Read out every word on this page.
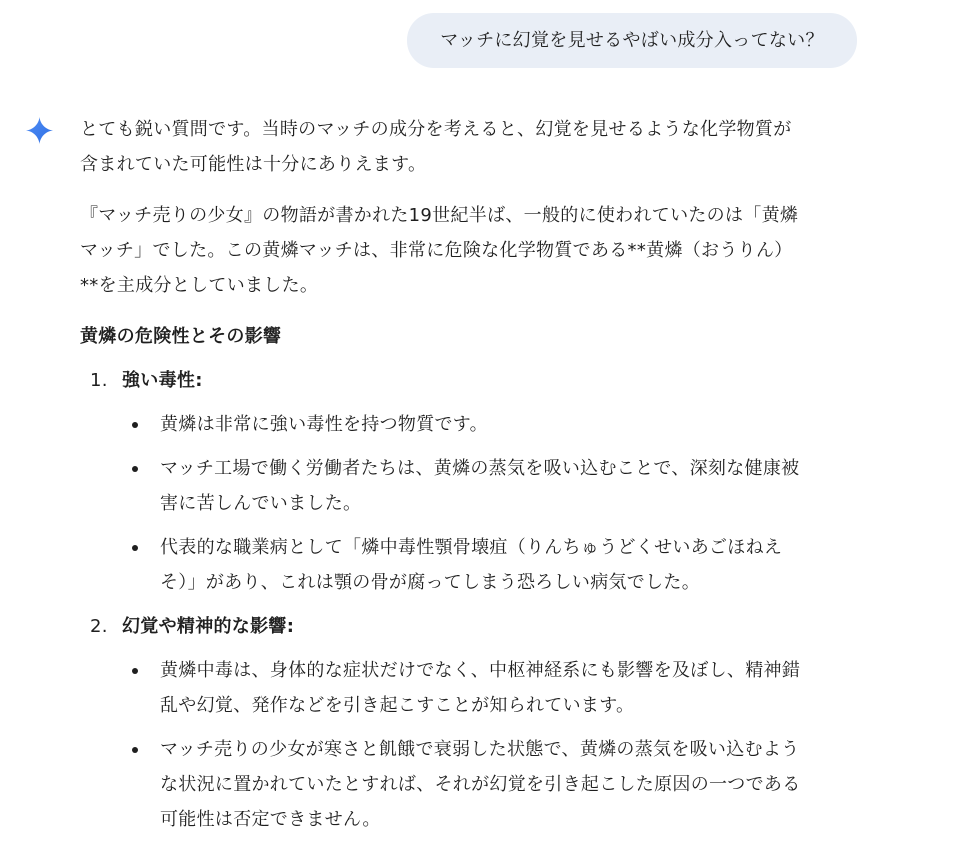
マッチに幻覚を見せるやばい成分入ってない？

とても鋭い質問です。当時のマッチの成分を考えると、幻覚を見せるような化学物質が
含まれていた可能性は十分にありえます。

『マッチ売りの少女』の物語が書かれた19世紀半ば、一般的に使われていたのは「黄燐
マッチ」でした。この黄燐マッチは、非常に危険な化学物質である**黄燐（おうりん）
**を主成分としていました。

黄燐の危険性とその影響
1. 強い毒性:
黄燐は非常に強い毒性を持つ物質です。
マッチ工場で働く労働者たちは、黄燐の蒸気を吸い込むことで、深刻な健康被
害に苦しんでいました。
代表的な職業病として「燐中毒性顎骨壊疽（りんちゅうどくせいあごほねえ
そ）」があり、これは顎の骨が腐ってしまう恐ろしい病気でした。
2. 幻覚や精神的な影響:
黄燐中毒は、身体的な症状だけでなく、中枢神経系にも影響を及ぼし、精神錯
乱や幻覚、発作などを引き起こすことが知られています。
マッチ売りの少女が寒さと飢餓で衰弱した状態で、黄燐の蒸気を吸い込むよう
な状況に置かれていたとすれば、それが幻覚を引き起こした原因の一つである
可能性は否定できません。
